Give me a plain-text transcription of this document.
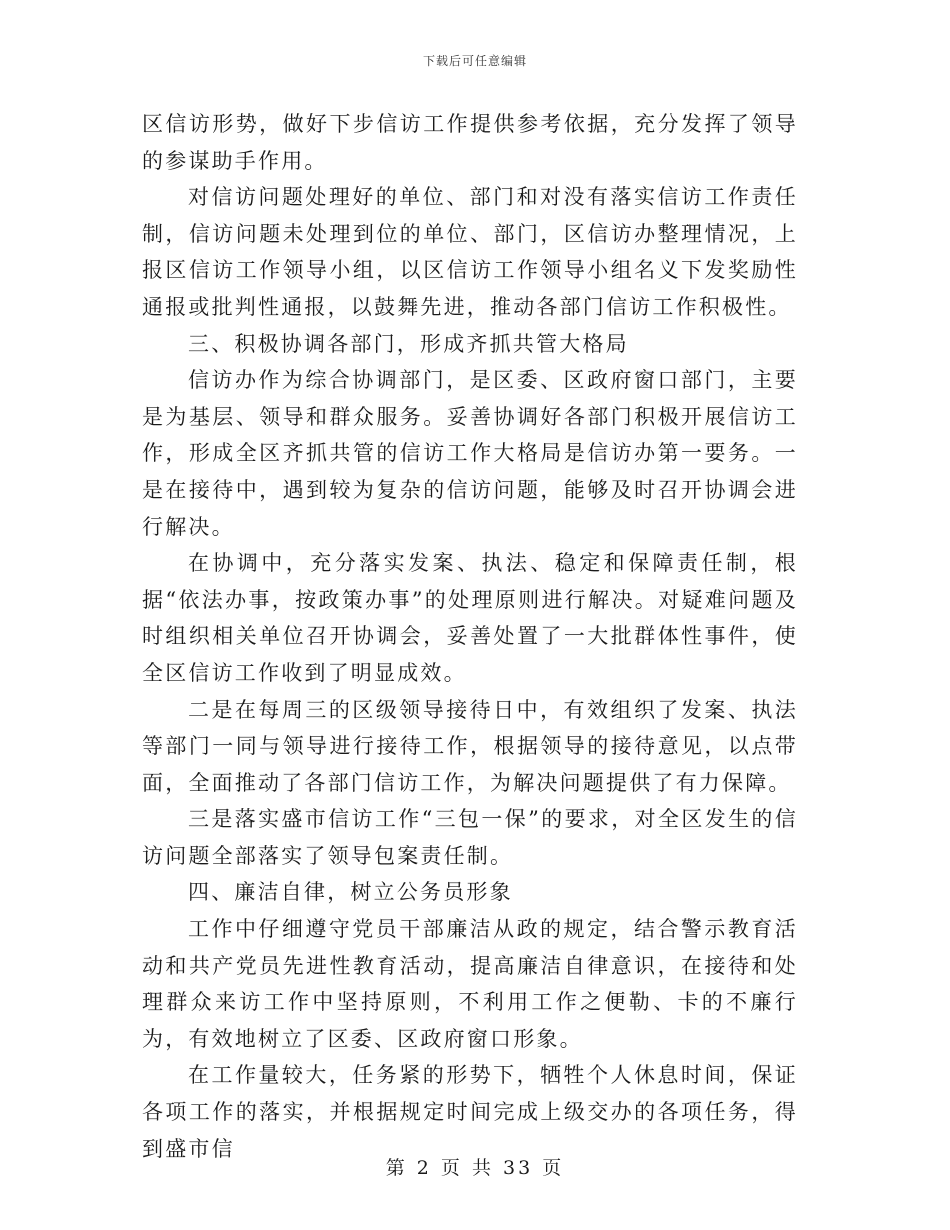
下载后可任意编辑

区信访形势，做好下步信访工作提供参考依据，充分发挥了领导的参谋助手作用。

对信访问题处理好的单位、部门和对没有落实信访工作责任制，信访问题未处理到位的单位、部门，区信访办整理情况，上报区信访工作领导小组，以区信访工作领导小组名义下发奖励性通报或批判性通报，以鼓舞先进，推动各部门信访工作积极性。

三、积极协调各部门，形成齐抓共管大格局

信访办作为综合协调部门，是区委、区政府窗口部门，主要是为基层、领导和群众服务。妥善协调好各部门积极开展信访工作，形成全区齐抓共管的信访工作大格局是信访办第一要务。一是在接待中，遇到较为复杂的信访问题，能够及时召开协调会进行解决。

在协调中，充分落实发案、执法、稳定和保障责任制，根据“依法办事，按政策办事”的处理原则进行解决。对疑难问题及时组织相关单位召开协调会，妥善处置了一大批群体性事件，使全区信访工作收到了明显成效。

二是在每周三的区级领导接待日中，有效组织了发案、执法等部门一同与领导进行接待工作，根据领导的接待意见，以点带面，全面推动了各部门信访工作，为解决问题提供了有力保障。

三是落实盛市信访工作“三包一保”的要求，对全区发生的信访问题全部落实了领导包案责任制。

四、廉洁自律，树立公务员形象

工作中仔细遵守党员干部廉洁从政的规定，结合警示教育活动和共产党员先进性教育活动，提高廉洁自律意识，在接待和处理群众来访工作中坚持原则，不利用工作之便勒、卡的不廉行为，有效地树立了区委、区政府窗口形象。

在工作量较大，任务紧的形势下，牺牲个人休息时间，保证各项工作的落实，并根据规定时间完成上级交办的各项任务，得到盛市信

第 2 页 共 33 页
